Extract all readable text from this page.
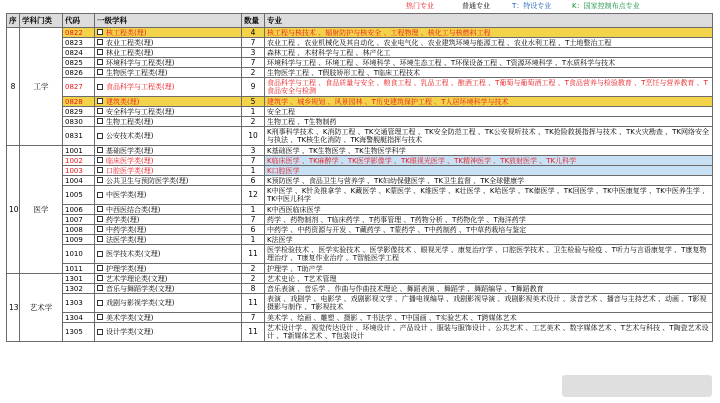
热门专业	普通专业	T：特设专业	K：国家控制布点专业
序	学科门类	代码	一级学科	数量	专业
8	工学	0822	核工程类(理)	4	核工程与核技术 、辐射防护与核安全 、工程物理 、核化工与核燃料工程
		0823	农业工程类(理)	7	农业工程 、农业机械化及其自动化 、农业电气化 、农业建筑环境与能源工程 、农业水利工程 、T土地整治工程
		0824	林业工程类(理)	3	森林工程 、木材科学与工程 、林产化工
		0825	环境科学与工程类(理)	7	环境科学与工程 、环境工程 、环境科学 、环境生态工程 、T环保设备工程 、T资源环境科学 、T水质科学与技术
		0826	生物医学工程类(理)	2	生物医学工程 、T假肢矫形工程 、T临床工程技术
		0827	食品科学与工程类(理)	9	食品科学与工程 、食品质量与安全 、粮食工程 、乳品工程 、酿酒工程 、T葡萄与葡萄酒工程 、T食品营养与检验教育 、T烹饪与营养教育 、T食品安全与检测
		0828	建筑类(理)	5	建筑学 、城乡规划 、风景园林 、T历史建筑保护工程 、T人居环境科学与技术
		0829	安全科学与工程类(理)	1	安全工程
		0830	生物工程类(理)	2	生物工程 、T生物制药
		0831	公安技术类(理)	10	K刑事科学技术 、K消防工程 、TK交通管理工程 、TK安全防范工程 、TK公安视听技术 、TK抢险救援指挥与技术 、TK火灾勘查 、TK网络安全与执法 、TK核生化消防 、TK海警舰艇指挥与技术
10	医学	1001	基础医学类(理)	3	K基础医学 、TK生物医学 、TK生物医学科学
		1002	临床医学类(理)	7	K临床医学 、TK麻醉学 、TK医学影像学 、TK眼视光医学 、TK精神医学 、TK放射医学 、TK儿科学
		1003	口腔医学类(理)	1	K口腔医学
		1004	公共卫生与预防医学类(理)	6	K预防医学 、食品卫生与营养学 、TK妇幼保健医学 、TK卫生监督 、TK全球健康学
		1005	中医学类(理)	12	K中医学 、K针灸推拿学 、K藏医学 、K蒙医学 、K维医学 、K壮医学 、K哈医学 、TK傣医学 、TK回医学 、TK中医康复学 、TK中医养生学 、TK中医儿科学
		1006	中西医结合类(理)	1	K中西医临床医学
		1007	药学类(理)	7	药学 、药物制剂 、T临床药学 、T药事管理 、T药物分析 、T药物化学 、T海洋药学
		1008	中药学类(理)	6	中药学 、中药资源与开发 、T藏药学 、T蒙药学 、T中药制药 、T中草药栽培与鉴定
		1009	法医学类(理)	1	K法医学
		1010	医学技术类(文理)	11	医学检验技术 、医学实验技术 、医学影像技术 、眼视光学 、康复治疗学 、口腔医学技术 、卫生检验与检疫 、T听力与言语康复学 、T康复物理治疗 、T康复作业治疗 、T智能医学工程
		1011	护理学类(理)	2	护理学 、T助产学
13	艺术学	1301	艺术学理论类(文理)	2	艺术史论 、T艺术管理
		1302	音乐与舞蹈学类(文理)	8	音乐表演 、音乐学 、作曲与作曲技术理论 、舞蹈表演 、舞蹈学 、舞蹈编导 、T舞蹈教育
		1303	戏剧与影视学类(文理)	11	表演 、戏剧学 、电影学 、戏剧影视文学 、广播电视编导 、戏剧影视导演 、戏剧影视美术设计 、录音艺术 、播音与主持艺术 、动画 、T影视摄影与制作 、T影视技术
		1304	美术学类(文理)	7	美术学 、绘画 、雕塑 、摄影 、T书法学 、T中国画 、T实验艺术 、T跨媒体艺术
		1305	设计学类(文理)	11	艺术设计学 、视觉传达设计 、环境设计 、产品设计 、服装与服饰设计 、公共艺术 、工艺美术 、数字媒体艺术 、T艺术与科技 、T陶瓷艺术设计 、T新媒体艺术 、T包装设计
